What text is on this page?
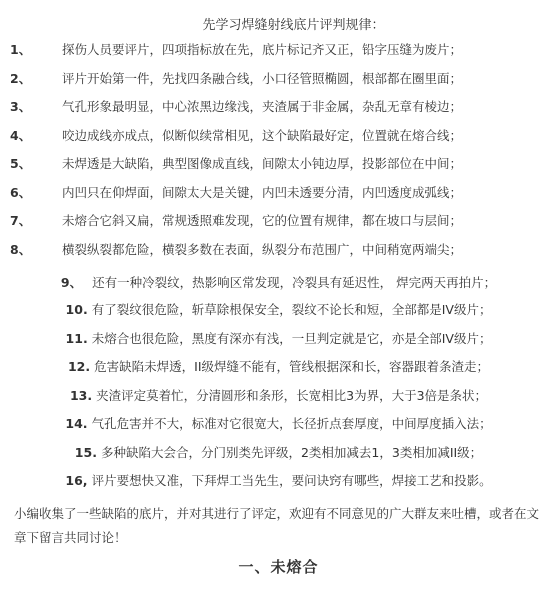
先学习焊缝射线底片评判规律：
1、 探伤人员要评片，四项指标放在先，底片标记齐又正，铅字压缝为废片；
2、 评片开始第一件，先找四条融合线，小口径管照椭圆，根部都在圈里面；
3、 气孔形象最明显，中心浓黑边缘浅，夹渣属于非金属，杂乱无章有棱边；
4、 咬边成线亦成点，似断似续常相见，这个缺陷最好定，位置就在熔合线；
5、 未焊透是大缺陷，典型图像成直线，间隙太小钝边厚，投影部位在中间；
6、 内凹只在仰焊面，间隙太大是关键，内凹未透要分清，内凹透度成弧线；
7、 未熔合它斜又扁，常规透照难发现，它的位置有规律，都在坡口与层间；
8、 横裂纵裂都危险，横裂多数在表面，纵裂分布范围广，中间稍宽两端尖；
9、 还有一种冷裂纹，热影响区常发现，冷裂具有延迟性， 焊完两天再拍片；
10. 有了裂纹很危险，斩草除根保安全，裂纹不论长和短，全部都是IV级片；
11. 未熔合也很危险，黑度有深亦有浅，一旦判定就是它，亦是全部IV级片；
12. 危害缺陷未焊透，II级焊缝不能有，管线根据深和长，容器跟着条渣走；
13. 夹渣评定莫着忙，分清圆形和条形，长宽相比3为界，大于3倍是条状；
14. 气孔危害并不大，标准对它很宽大，长径折点套厚度，中间厚度插入法；
15. 多种缺陷大会合，分门别类先评级，2类相加减去1，3类相加减II级；
16, 评片要想快又准，下拜焊工当先生，要问诀窍有哪些，焊接工艺和投影。

小编收集了一些缺陷的底片，并对其进行了评定，欢迎有不同意见的广大群友来吐槽，或者在文章下留言共同讨论！

一、未熔合
